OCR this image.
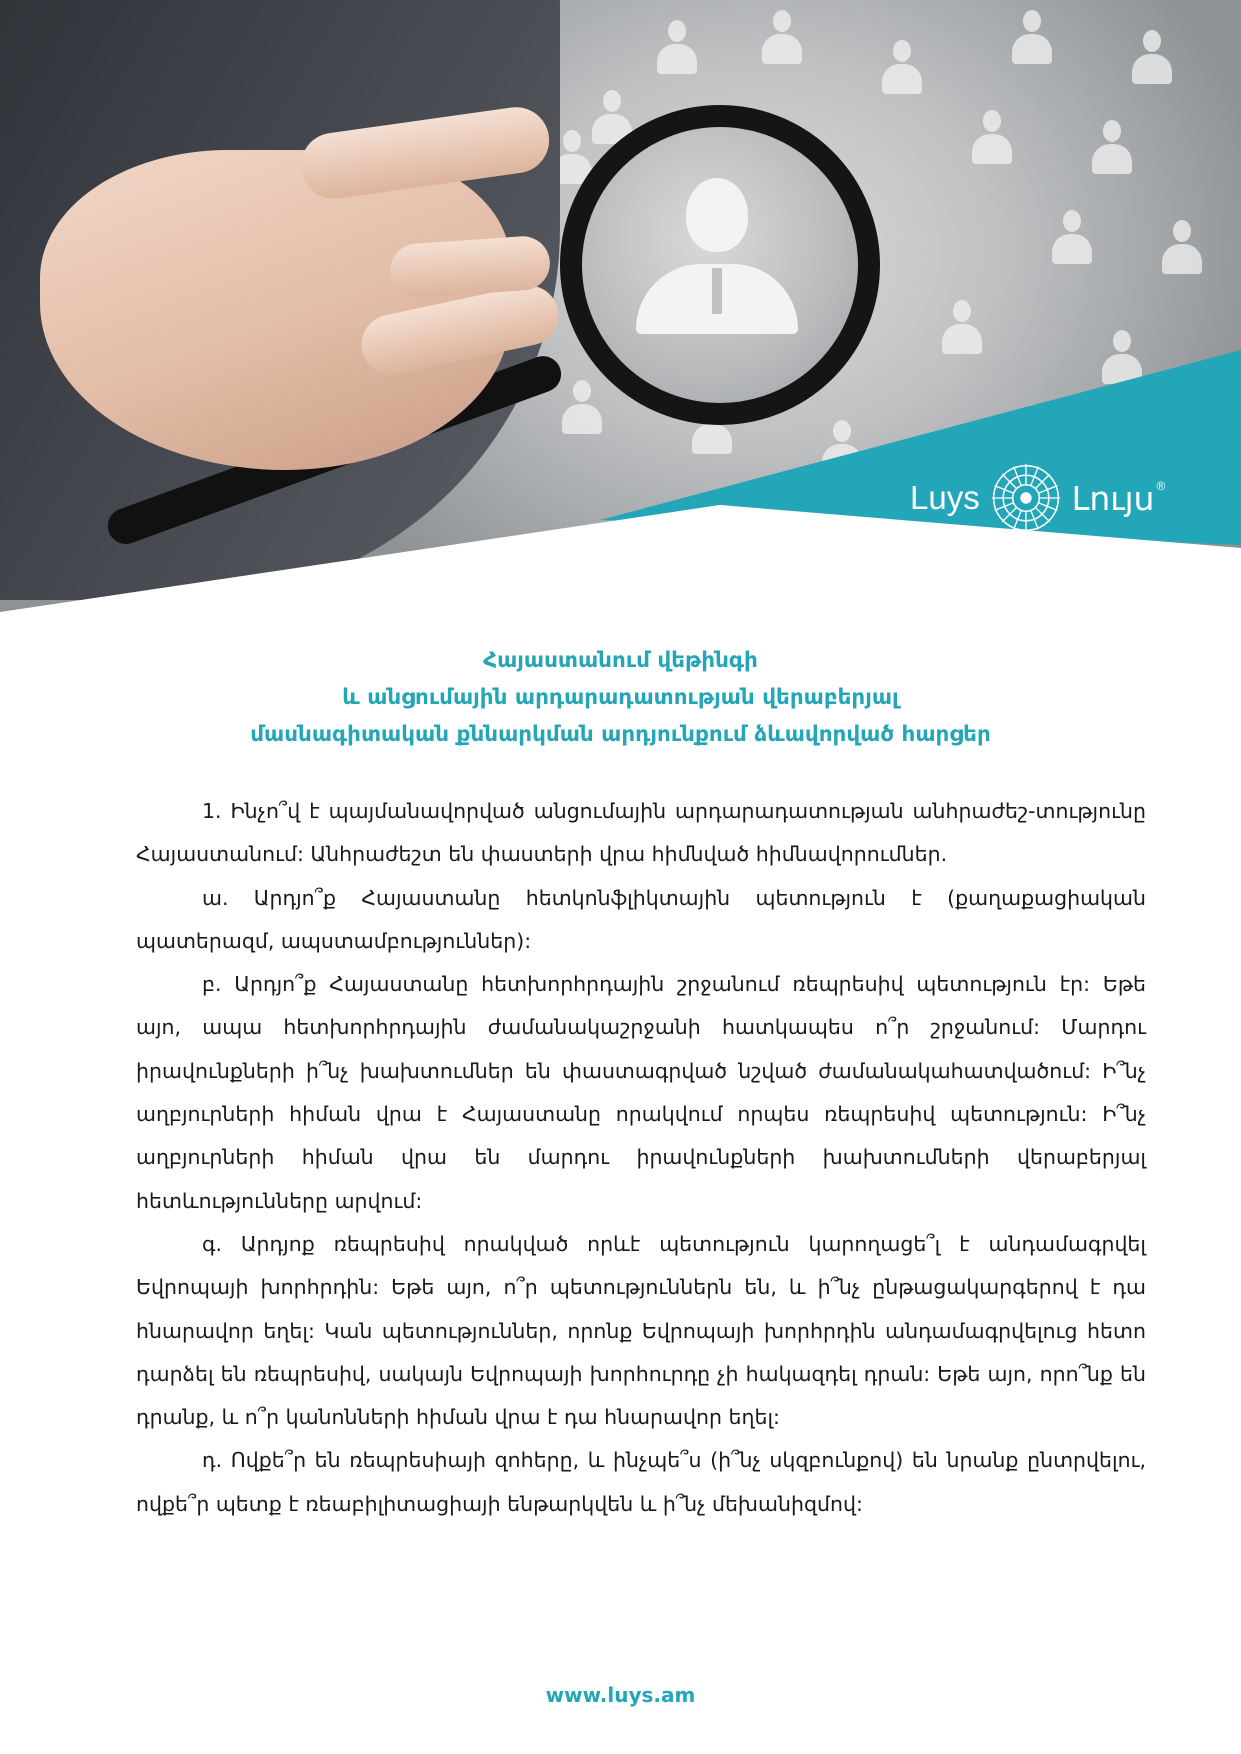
Luys	Լույս ®
Հայաստանում վեթինգի
և անցումային արդարադատության վերաբերյալ
մասնագիտական քննարկման արդյունքում ձևավորված հարցեր

1. Ինչո՞վ է պայմանավորված անցումային արդարադատության անհրաժեշ-տությունը Հայաստանում: Անհրաժեշտ են փաստերի վրա հիմնված հիմնավորումներ.

ա. Արդյո՞ք Հայաստանը հետկոնֆլիկտային պետություն է (քաղաքացիական պատերազմ, ապստամբություններ):

բ. Արդյո՞ք Հայաստանը հետխորհրդային շրջանում ռեպրեսիվ պետություն էր: Եթե այո, ապա հետխորհրդային ժամանակաշրջանի հատկապես ո՞ր շրջանում: Մարդու իրավունքների ի՞նչ խախտումներ են փաստագրված նշված ժամանակահատվածում: Ի՞նչ աղբյուրների հիման վրա է Հայաստանը որակվում որպես ռեպրեսիվ պետություն: Ի՞նչ աղբյուրների հիման վրա են մարդու իրավունքների խախտումների վերաբերյալ հետևությունները արվում:

գ. Արդյոք ռեպրեսիվ որակված որևէ պետություն կարողացե՞լ է անդամագրվել Եվրոպայի խորհրդին: Եթե այո, ո՞ր պետություններն են, և ի՞նչ ընթացակարգերով է դա հնարավոր եղել: Կան պետություններ, որոնք Եվրոպայի խորհրդին անդամագրվելուց հետո դարձել են ռեպրեսիվ, սակայն Եվրոպայի խորհուրդը չի հակազդել դրան: Եթե այո, որո՞նք են դրանք, և ո՞ր կանոնների հիման վրա է դա հնարավոր եղել:

դ. Ովքե՞ր են ռեպրեսիայի զոհերը, և ինչպե՞ս (ի՞նչ սկզբունքով) են նրանք ընտրվելու, ովքե՞ր պետք է ռեաբիլիտացիայի ենթարկվեն և ի՞նչ մեխանիզմով:

www.luys.am
